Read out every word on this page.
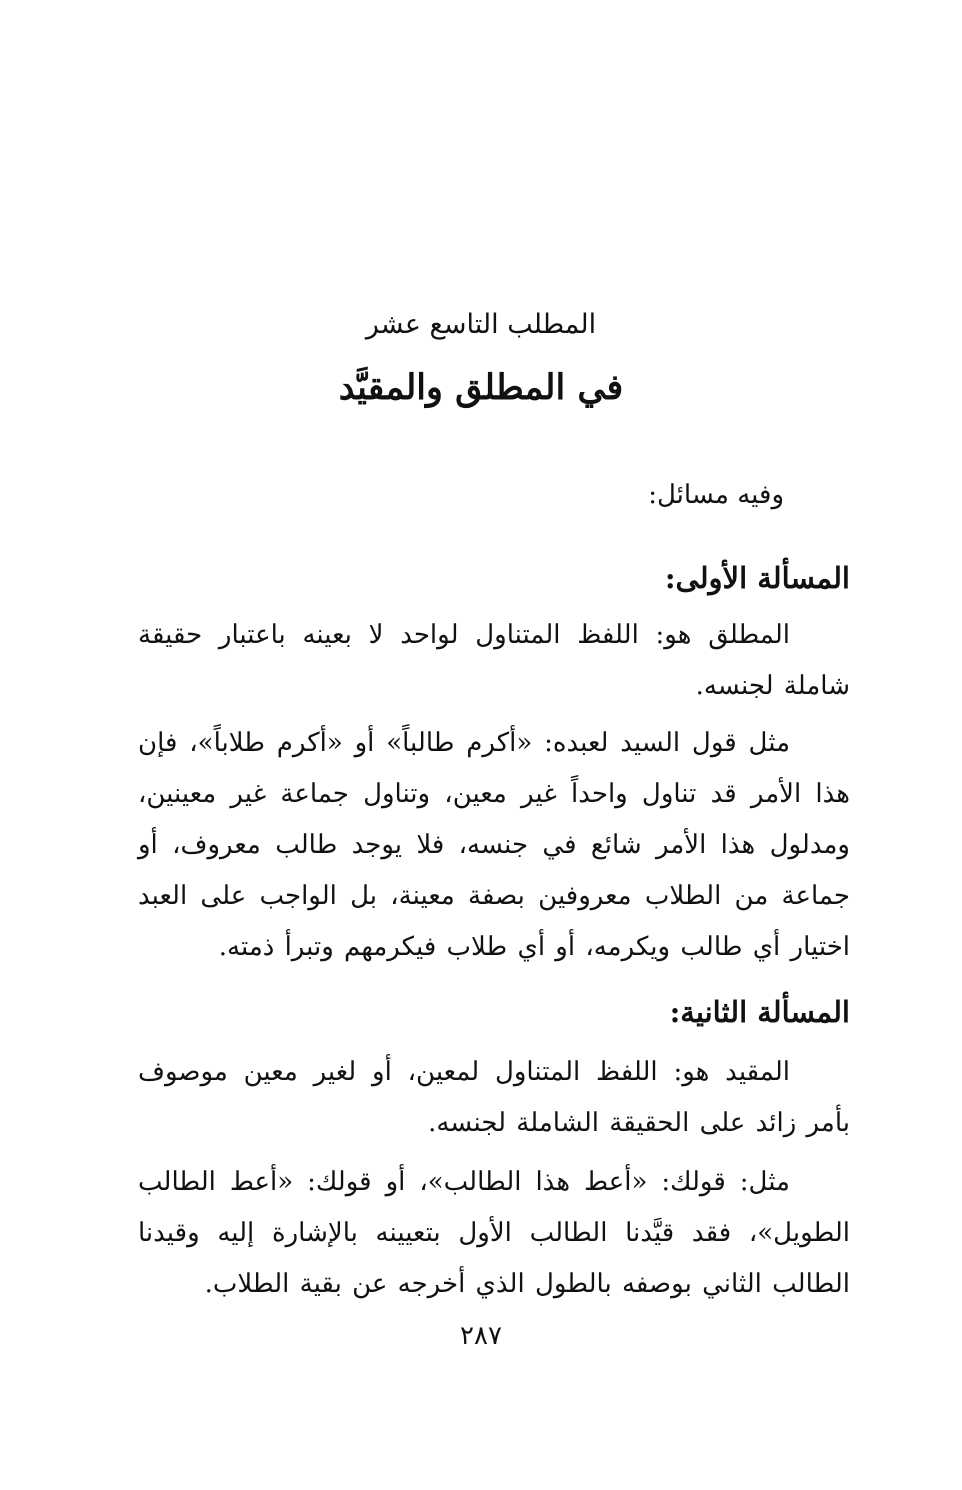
المطلب التاسع عشر
في المطلق والمقيَّد
وفيه مسائل:
المسألة الأولى:

المطلق هو: اللفظ المتناول لواحد لا بعينه باعتبار حقيقة شاملة لجنسه.

مثل قول السيد لعبده: «أكرم طالباً» أو «أكرم طلاباً»، فإن هذا الأمر قد تناول واحداً غير معين، وتناول جماعة غير معينين، ومدلول هذا الأمر شائع في جنسه، فلا يوجد طالب معروف، أو جماعة من الطلاب معروفين بصفة معينة، بل الواجب على العبد اختيار أي طالب ويكرمه، أو أي طلاب فيكرمهم وتبرأ ذمته.

المسألة الثانية:

المقيد هو: اللفظ المتناول لمعين، أو لغير معين موصوف بأمر زائد على الحقيقة الشاملة لجنسه.

مثل: قولك: «أعط هذا الطالب»، أو قولك: «أعط الطالب الطويل»، فقد قيَّدنا الطالب الأول بتعيينه بالإشارة إليه وقيدنا الطالب الثاني بوصفه بالطول الذي أخرجه عن بقية الطلاب.

٢٨٧
